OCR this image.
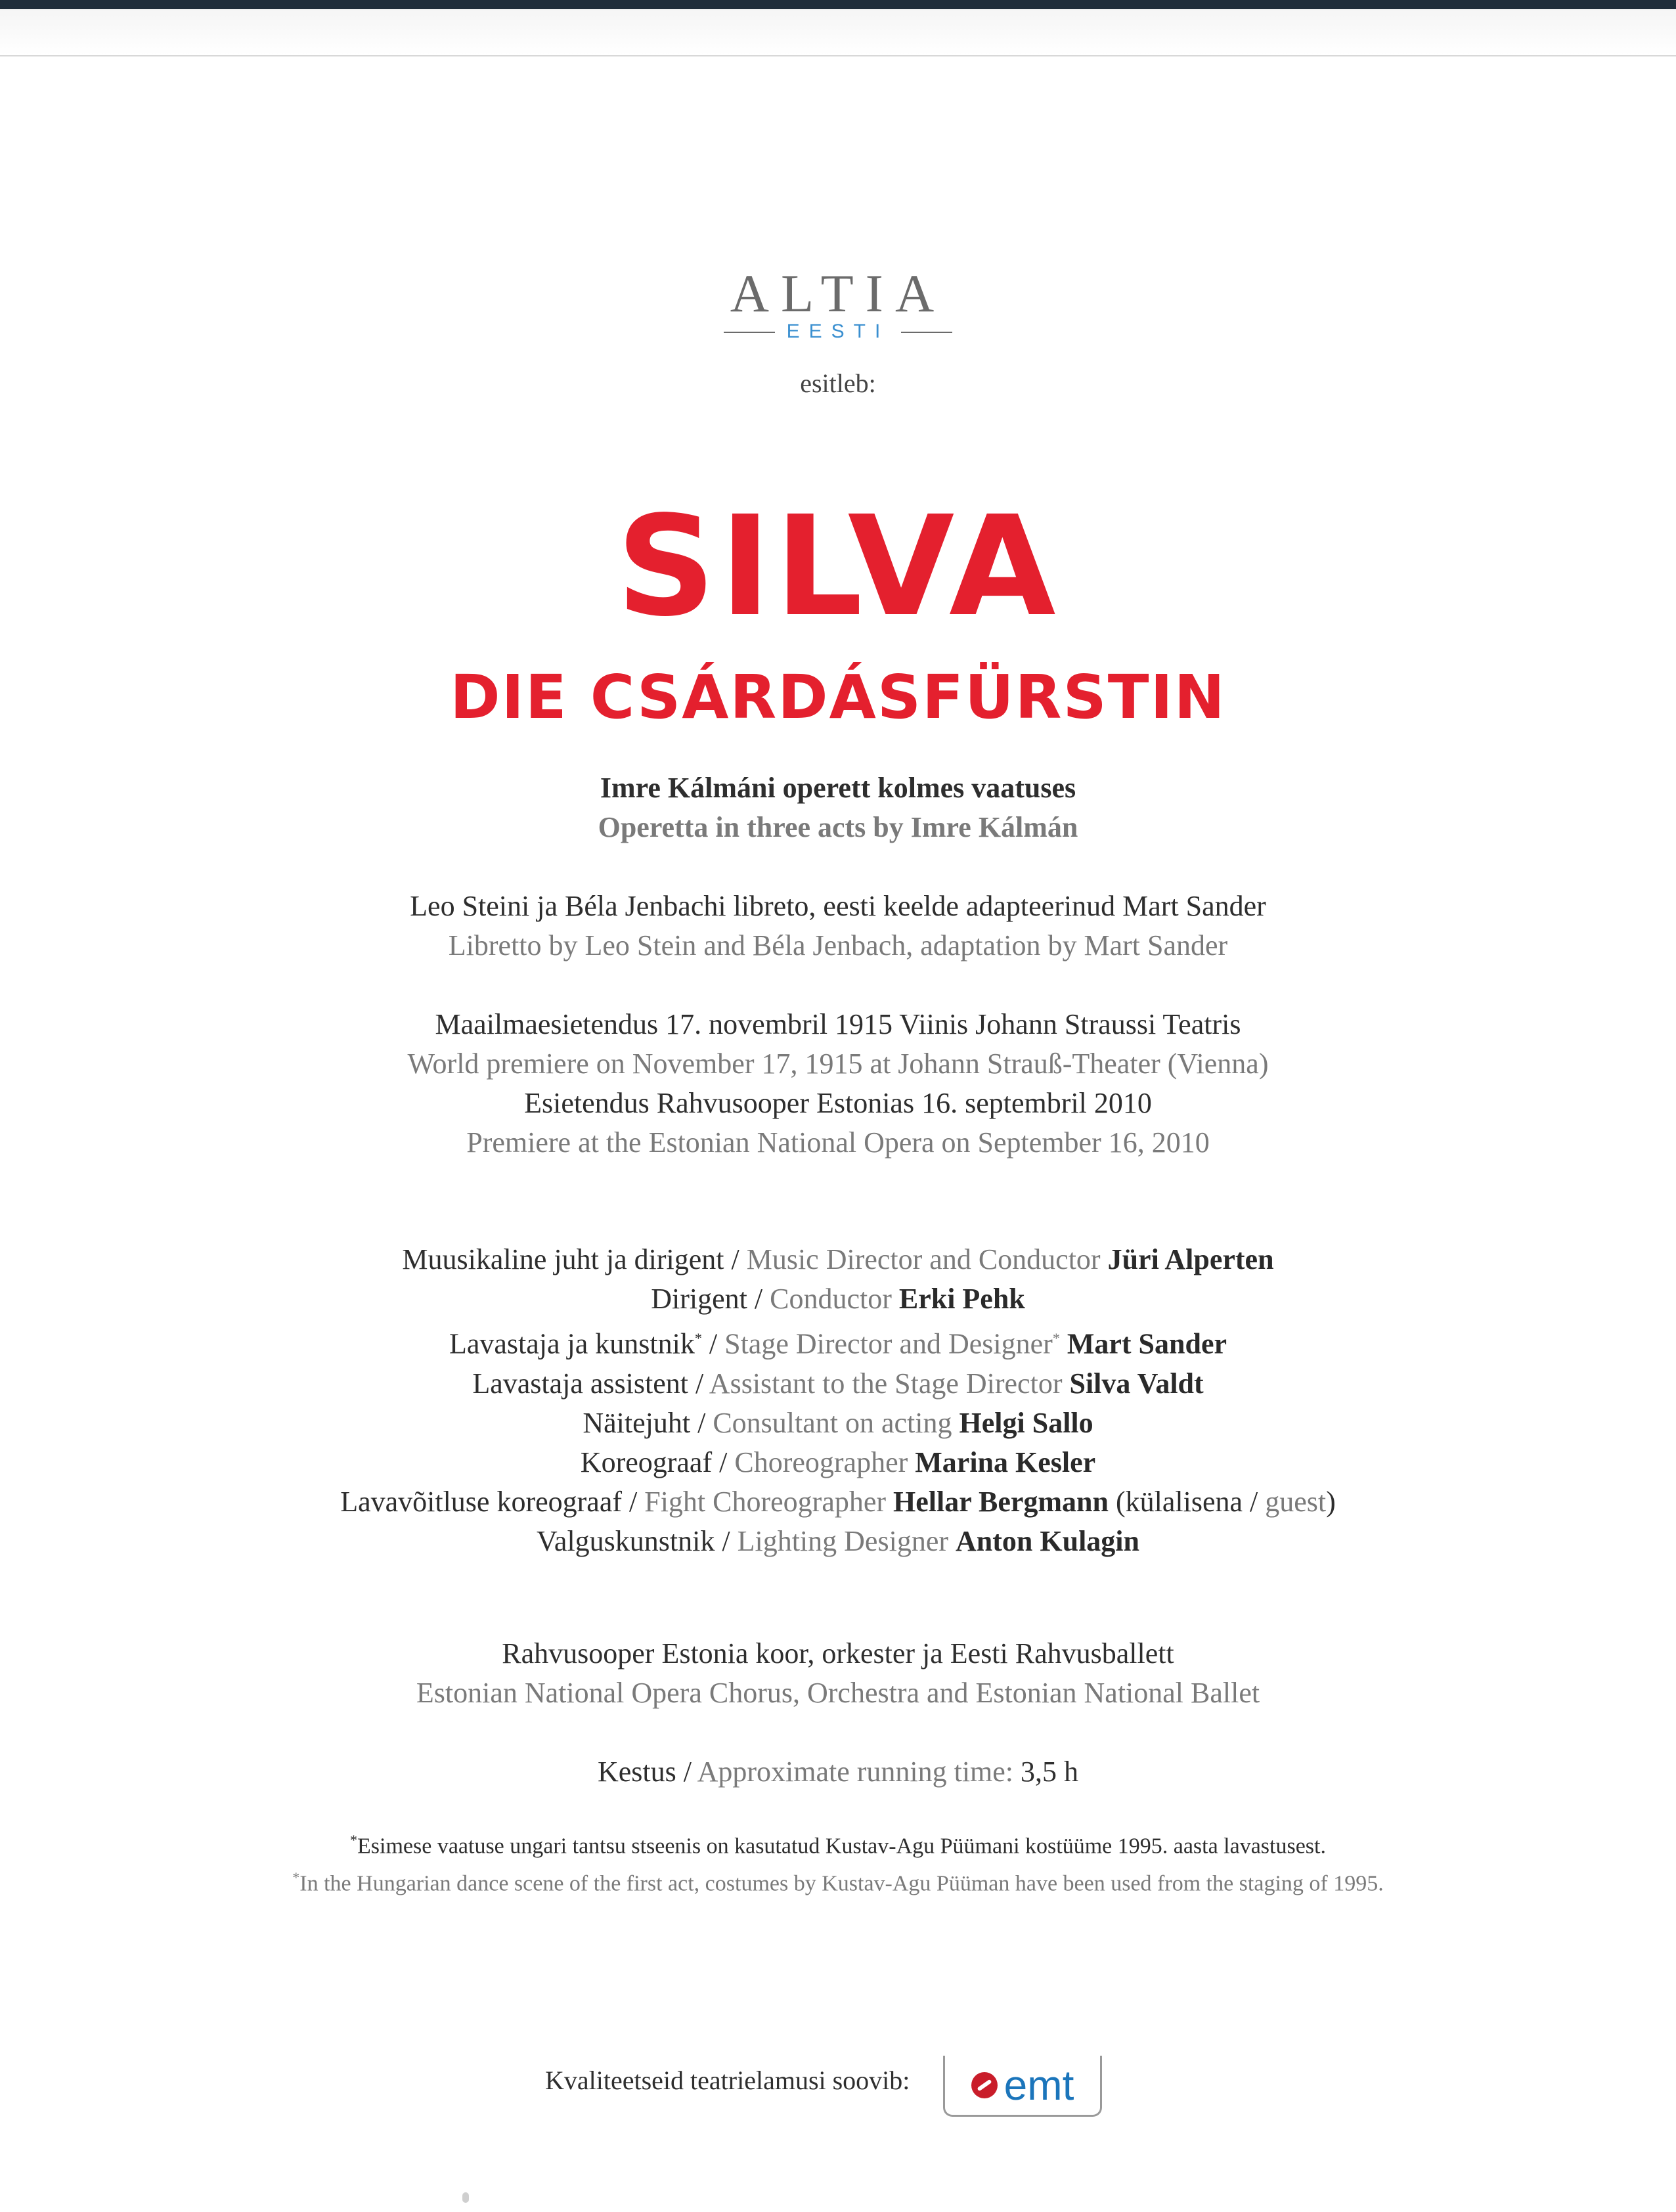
ALTIA
EESTI
esitleb:
SILVA
DIE CSÁRDÁSFÜRSTIN
Imre Kálmáni operett kolmes vaatuses
Operetta in three acts by Imre Kálmán
Leo Steini ja Béla Jenbachi libreto, eesti keelde adapteerinud Mart Sander
Libretto by Leo Stein and Béla Jenbach, adaptation by Mart Sander
Maailmaesietendus 17. novembril 1915 Viinis Johann Straussi Teatris
World premiere on November 17, 1915 at Johann Strauß-Theater (Vienna)
Esietendus Rahvusooper Estonias 16. septembril 2010
Premiere at the Estonian National Opera on September 16, 2010
Muusikaline juht ja dirigent / Music Director and Conductor Jüri Alperten
Dirigent / Conductor Erki Pehk
Lavastaja ja kunstnik* / Stage Director and Designer* Mart Sander
Lavastaja assistent / Assistant to the Stage Director Silva Valdt
Näitejuht / Consultant on acting Helgi Sallo
Koreograaf / Choreographer Marina Kesler
Lavavõitluse koreograaf / Fight Choreographer Hellar Bergmann (külalisena / guest)
Valguskunstnik / Lighting Designer Anton Kulagin
Rahvusooper Estonia koor, orkester ja Eesti Rahvusballett
Estonian National Opera Chorus, Orchestra and Estonian National Ballet
Kestus / Approximate running time: 3,5 h
*Esimese vaatuse ungari tantsu stseenis on kasutatud Kustav-Agu Püümani kostüüme 1995. aasta lavastusest.
*In the Hungarian dance scene of the first act, costumes by Kustav-Agu Püüman have been used from the staging of 1995.
Kvaliteetseid teatrielamusi soovib: emt
